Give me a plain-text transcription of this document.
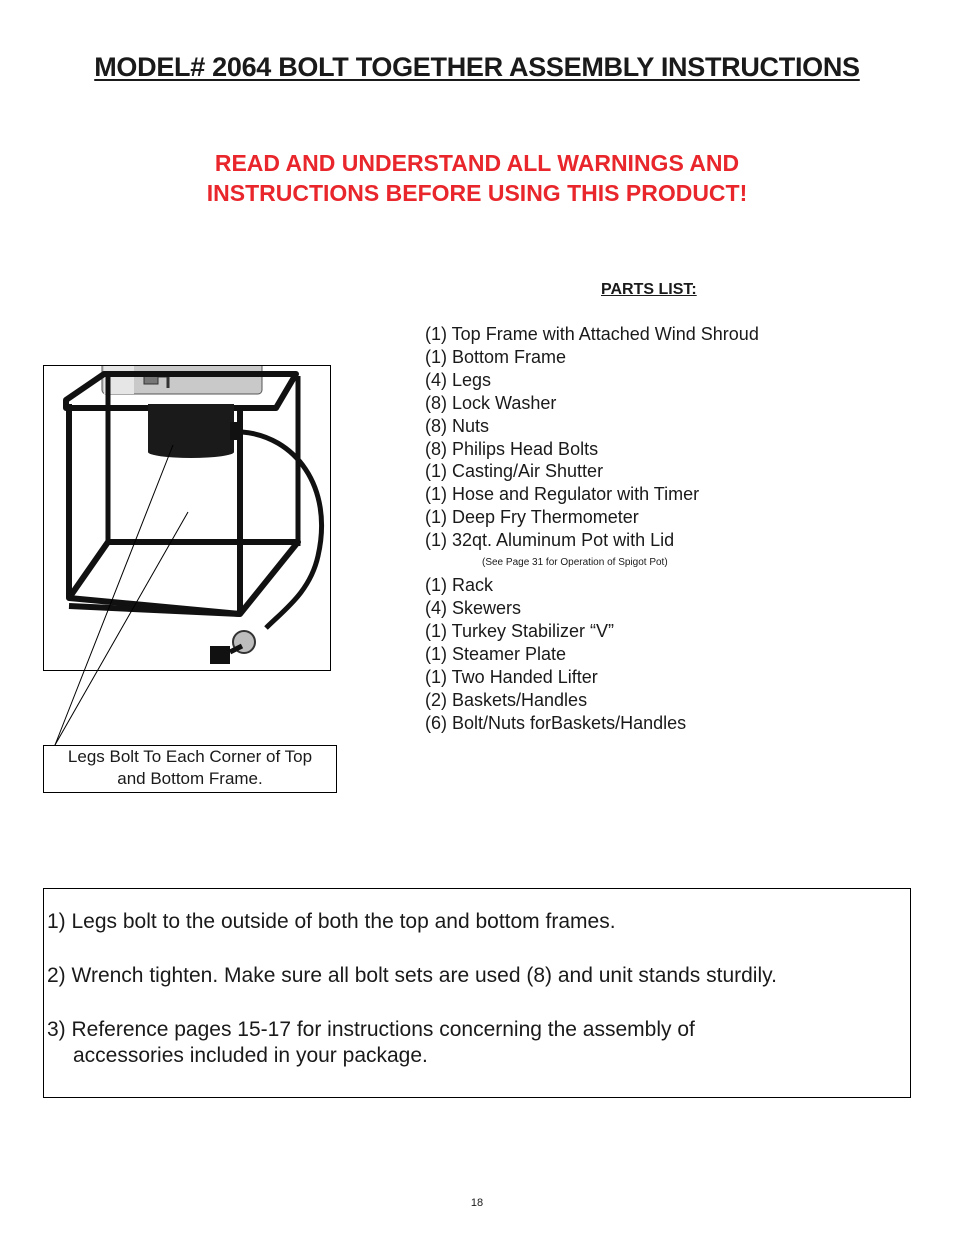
MODEL# 2064 BOLT TOGETHER ASSEMBLY INSTRUCTIONS
READ AND UNDERSTAND ALL WARNINGS AND
INSTRUCTIONS BEFORE USING THIS PRODUCT!
PARTS LIST:
(1) Top Frame with Attached Wind Shroud
(1) Bottom Frame
(4) Legs
(8) Lock Washer
(8) Nuts
(8) Philips Head Bolts
(1) Casting/Air Shutter
(1) Hose and Regulator with Timer
(1) Deep Fry Thermometer
(1) 32qt. Aluminum Pot with Lid
(See Page 31 for Operation of Spigot Pot)
(1) Rack
(4) Skewers
(1) Turkey Stabilizer “V”
(1) Steamer Plate
(1) Two Handed Lifter
(2) Baskets/Handles
(6) Bolt/Nuts forBaskets/Handles
Legs Bolt To Each Corner of Top
and Bottom Frame.
1) Legs bolt to the outside of both the top and bottom frames.
2) Wrench tighten. Make sure all bolt sets are used (8) and unit stands sturdily.
3) Reference pages 15-17 for instructions concerning the assembly of
accessories included in your package.
18
